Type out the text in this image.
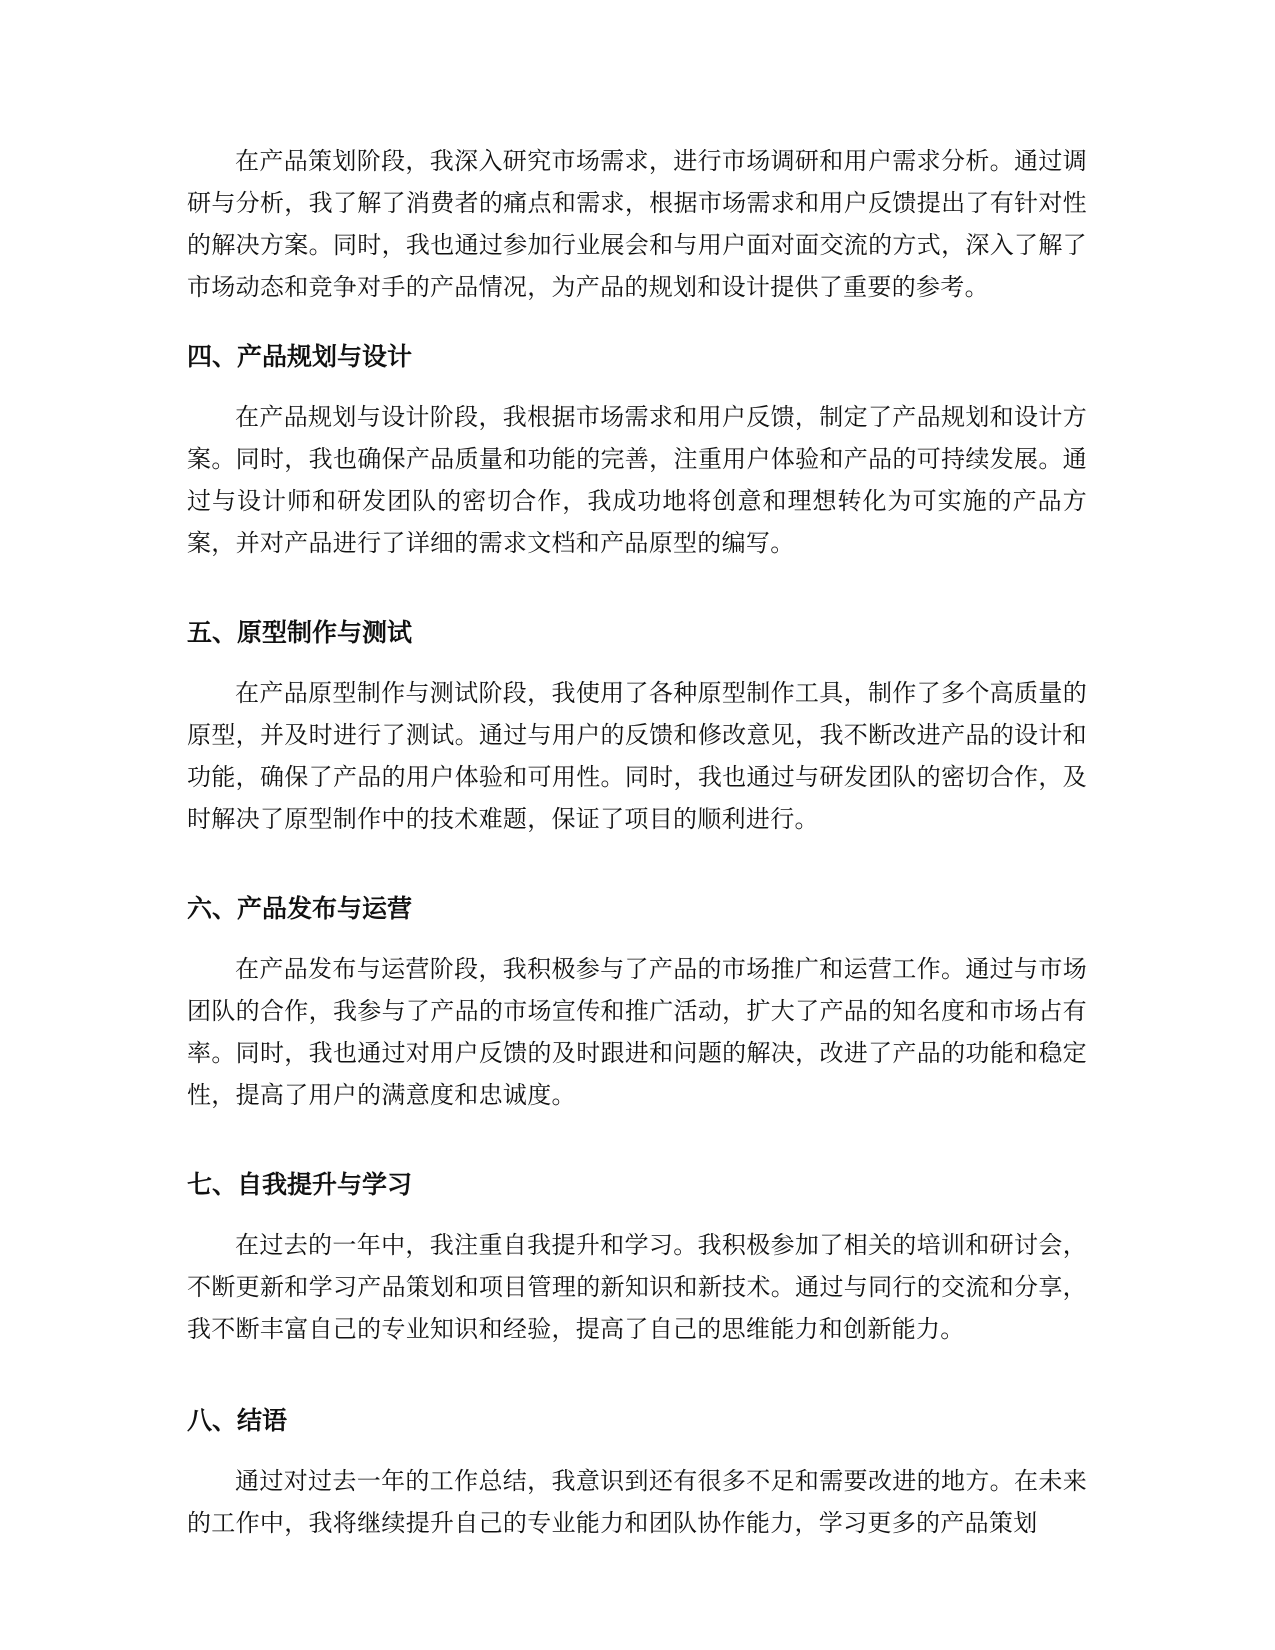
在产品策划阶段，我深入研究市场需求，进行市场调研和用户需求分析。通过调研与分析，我了解了消费者的痛点和需求，根据市场需求和用户反馈提出了有针对性的解决方案。同时，我也通过参加行业展会和与用户面对面交流的方式，深入了解了市场动态和竞争对手的产品情况，为产品的规划和设计提供了重要的参考。

四、产品规划与设计

在产品规划与设计阶段，我根据市场需求和用户反馈，制定了产品规划和设计方案。同时，我也确保产品质量和功能的完善，注重用户体验和产品的可持续发展。通过与设计师和研发团队的密切合作，我成功地将创意和理想转化为可实施的产品方案，并对产品进行了详细的需求文档和产品原型的编写。

五、原型制作与测试

在产品原型制作与测试阶段，我使用了各种原型制作工具，制作了多个高质量的原型，并及时进行了测试。通过与用户的反馈和修改意见，我不断改进产品的设计和功能，确保了产品的用户体验和可用性。同时，我也通过与研发团队的密切合作，及时解决了原型制作中的技术难题，保证了项目的顺利进行。

六、产品发布与运营

在产品发布与运营阶段，我积极参与了产品的市场推广和运营工作。通过与市场团队的合作，我参与了产品的市场宣传和推广活动，扩大了产品的知名度和市场占有率。同时，我也通过对用户反馈的及时跟进和问题的解决，改进了产品的功能和稳定性，提高了用户的满意度和忠诚度。

七、自我提升与学习

在过去的一年中，我注重自我提升和学习。我积极参加了相关的培训和研讨会，不断更新和学习产品策划和项目管理的新知识和新技术。通过与同行的交流和分享，我不断丰富自己的专业知识和经验，提高了自己的思维能力和创新能力。

八、结语

通过对过去一年的工作总结，我意识到还有很多不足和需要改进的地方。在未来的工作中，我将继续提升自己的专业能力和团队协作能力，学习更多的产品策划
